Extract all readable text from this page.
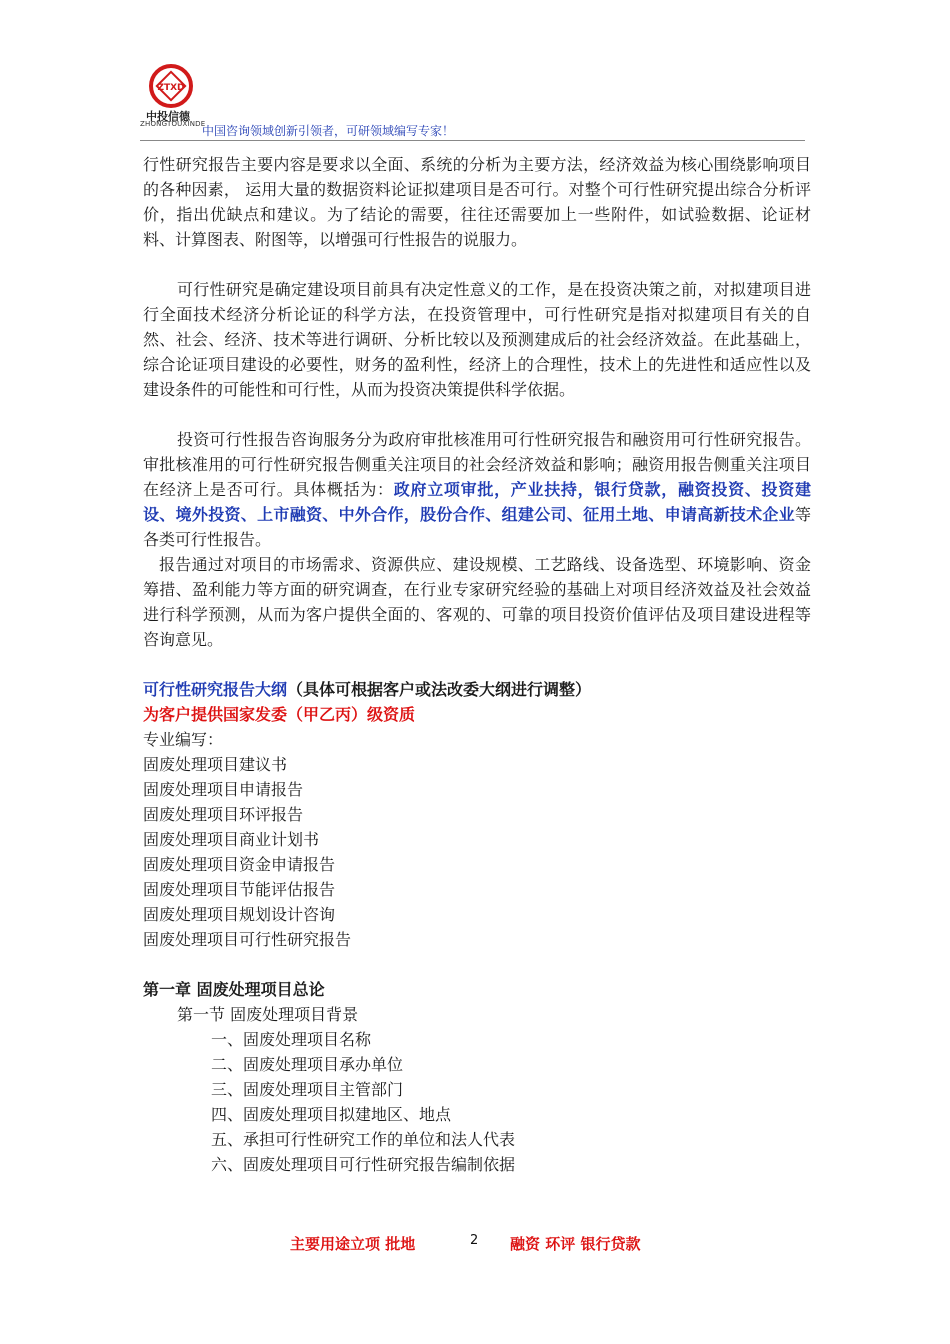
ZTXD
中投信德
ZHONGTOUXINDE
中国咨询领域创新引领者，可研领域编写专家！

行性研究报告主要内容是要求以全面、系统的分析为主要方法，经济效益为核心围绕影响项目的各种因素， 运用大量的数据资料论证拟建项目是否可行。对整个可行性研究提出综合分析评价，指出优缺点和建议。为了结论的需要，往往还需要加上一些附件，如试验数据、论证材料、计算图表、附图等，以增强可行性报告的说服力。

可行性研究是确定建设项目前具有决定性意义的工作，是在投资决策之前，对拟建项目进行全面技术经济分析论证的科学方法，在投资管理中，可行性研究是指对拟建项目有关的自然、社会、经济、技术等进行调研、分析比较以及预测建成后的社会经济效益。在此基础上，综合论证项目建设的必要性，财务的盈利性，经济上的合理性，技术上的先进性和适应性以及建设条件的可能性和可行性，从而为投资决策提供科学依据。

投资可行性报告咨询服务分为政府审批核准用可行性研究报告和融资用可行性研究报告。 审批核准用的可行性研究报告侧重关注项目的社会经济效益和影响；融资用报告侧重关注项目在经济上是否可行。具体概括为：政府立项审批，产业扶持，银行贷款，融资投资、投资建设、境外投资、上市融资、中外合作，股份合作、组建公司、征用土地、申请高新技术企业等各类可行性报告。

报告通过对项目的市场需求、资源供应、建设规模、工艺路线、设备选型、环境影响、资金筹措、盈利能力等方面的研究调查，在行业专家研究经验的基础上对项目经济效益及社会效益进行科学预测，从而为客户提供全面的、客观的、可靠的项目投资价值评估及项目建设进程等咨询意见。

可行性研究报告大纲（具体可根据客户或法改委大纲进行调整）

为客户提供国家发委（甲乙丙）级资质

专业编写：

固废处理项目建议书

固废处理项目申请报告

固废处理项目环评报告

固废处理项目商业计划书

固废处理项目资金申请报告

固废处理项目节能评估报告

固废处理项目规划设计咨询

固废处理项目可行性研究报告

第一章 固废处理项目总论

第一节 固废处理项目背景

一、固废处理项目名称

二、固废处理项目承办单位

三、固废处理项目主管部门

四、固废处理项目拟建地区、地点

五、承担可行性研究工作的单位和法人代表

六、固废处理项目可行性研究报告编制依据

主要用途立项 批地	2 融资 环评 银行贷款
